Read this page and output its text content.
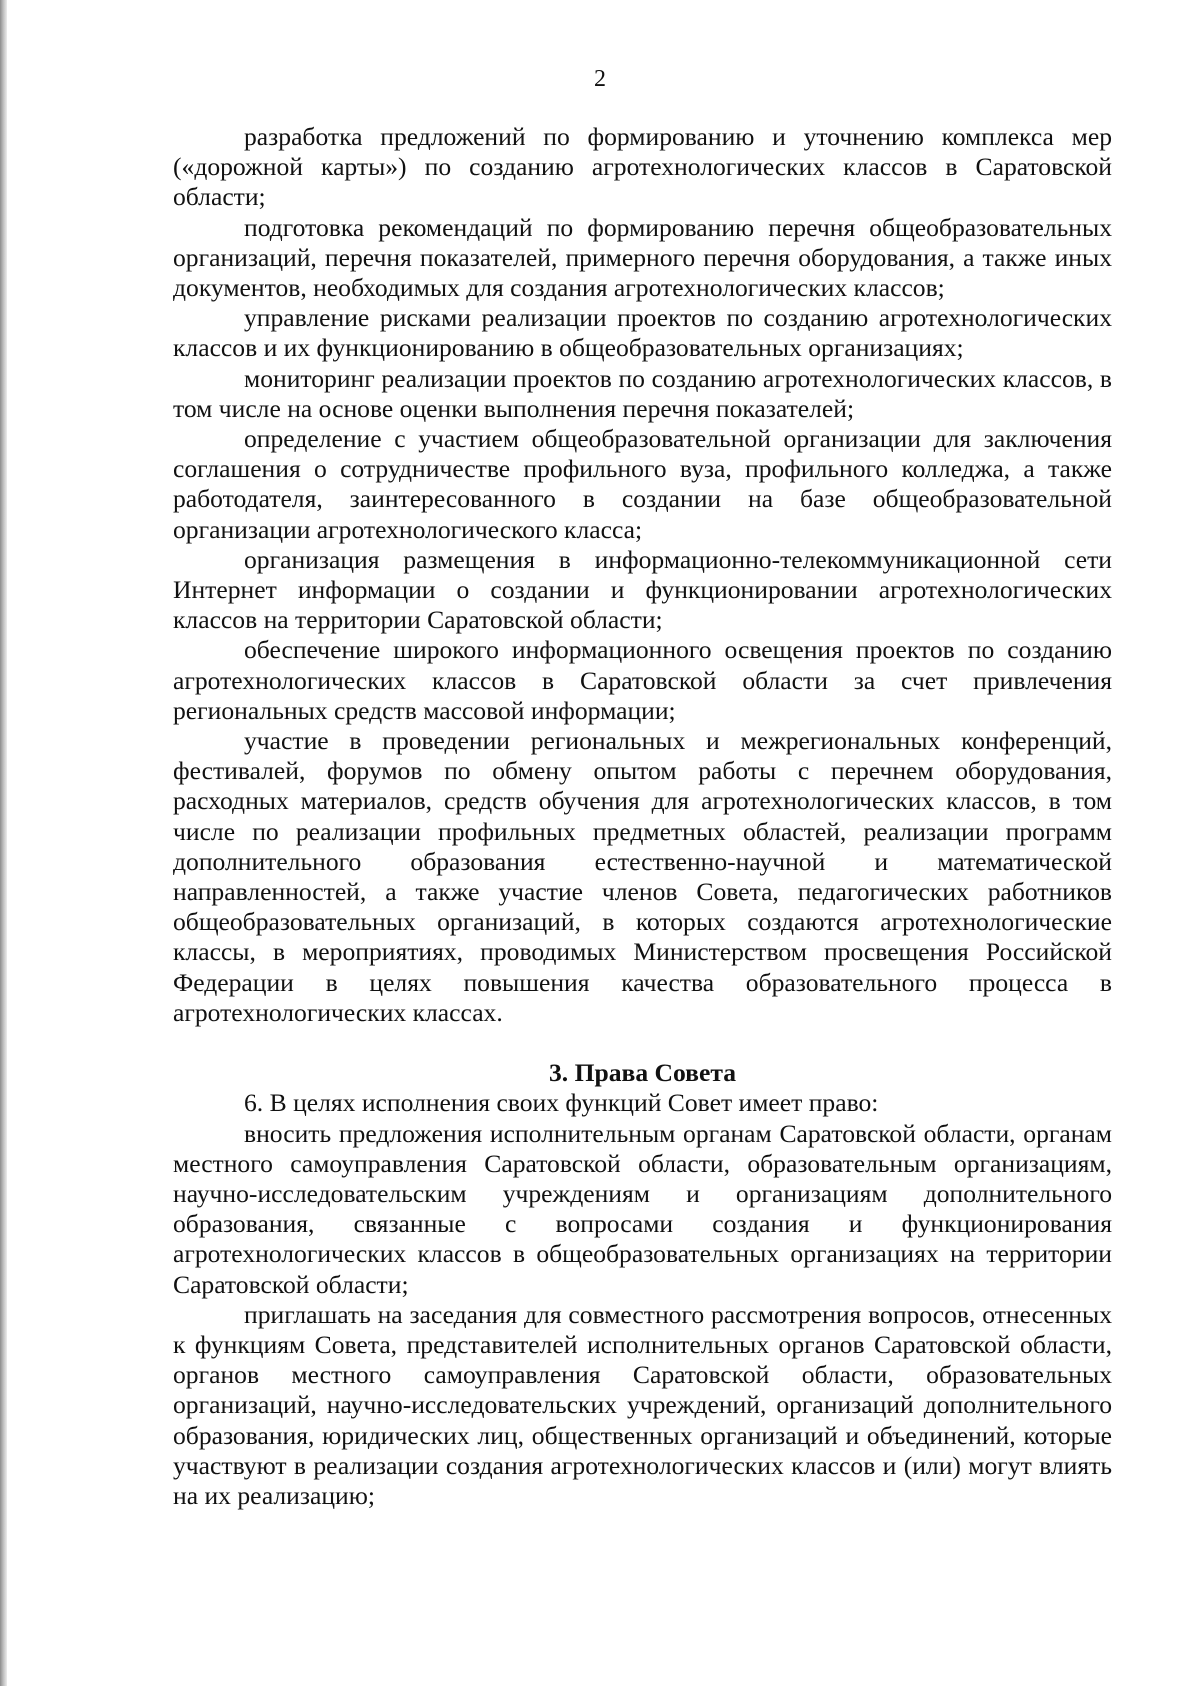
2

разработка предложений по формированию и уточнению комплекса мер («дорожной карты») по созданию агротехнологических классов в Саратовской области;

подготовка рекомендаций по формированию перечня общеобразовательных организаций, перечня показателей, примерного перечня оборудования, а также иных документов, необходимых для создания агротехнологических классов;

управление рисками реализации проектов по созданию агротехнологических классов и их функционированию в общеобразовательных организациях;

мониторинг реализации проектов по созданию агротехнологических классов, в том числе на основе оценки выполнения перечня показателей;

определение с участием общеобразовательной организации для заключения соглашения о сотрудничестве профильного вуза, профильного колледжа, а также работодателя, заинтересованного в создании на базе общеобразовательной организации агротехнологического класса;

организация размещения в информационно-телекоммуникационной сети Интернет информации о создании и функционировании агротехнологических классов на территории Саратовской области;

обеспечение широкого информационного освещения проектов по созданию агротехнологических классов в Саратовской области за счет привлечения региональных средств массовой информации;

участие в проведении региональных и межрегиональных конференций, фестивалей, форумов по обмену опытом работы с перечнем оборудования, расходных материалов, средств обучения для агротехнологических классов, в том числе по реализации профильных предметных областей, реализации программ дополнительного образования естественно-научной и математической направленностей, а также участие членов Совета, педагогических работников общеобразовательных организаций, в которых создаются агротехнологические классы, в мероприятиях, проводимых Министерством просвещения Российской Федерации в целях повышения качества образовательного процесса в агротехнологических классах.

3. Права Совета

6. В целях исполнения своих функций Совет имеет право:

вносить предложения исполнительным органам Саратовской области, органам местного самоуправления Саратовской области, образовательным организациям, научно-исследовательским учреждениям и организациям дополнительного образования, связанные с вопросами создания и функционирования агротехнологических классов в общеобразовательных организациях на территории Саратовской области;

приглашать на заседания для совместного рассмотрения вопросов, отнесенных к функциям Совета, представителей исполнительных органов Саратовской области, органов местного самоуправления Саратовской области, образовательных организаций, научно-исследовательских учреждений, организаций дополнительного образования, юридических лиц, общественных организаций и объединений, которые участвуют в реализации создания агротехнологических классов и (или) могут влиять на их реализацию;
